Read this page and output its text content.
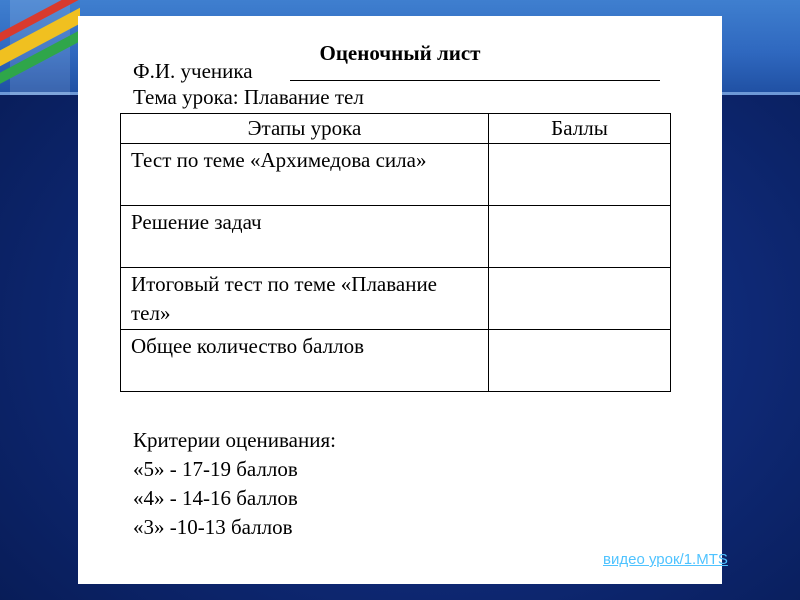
Оценочный лист
Ф.И. ученика
Тема урока: Плавание тел
Этапы урока	Баллы
Тест по теме «Архимедова сила»	
Решение задач	
Итоговый тест по теме «Плавание тел»	
Общее количество баллов	
Критерии оценивания:
«5» - 17-19 баллов
«4» - 14-16 баллов
«3» -10-13 баллов
видео урок/1.MTS
